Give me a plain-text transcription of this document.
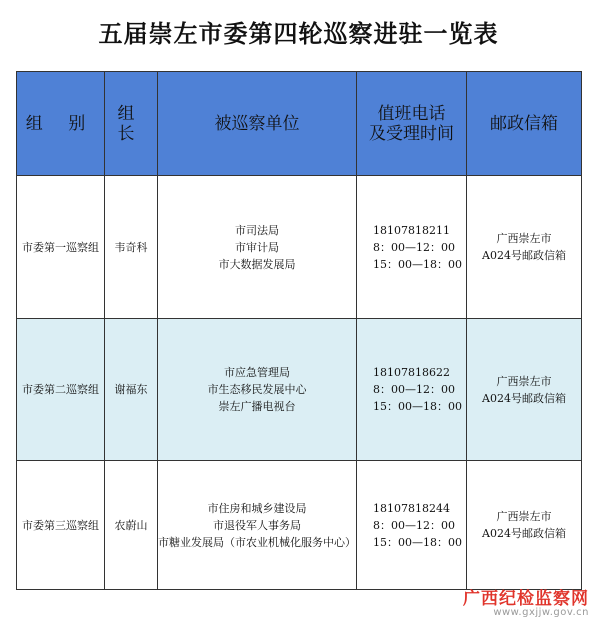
五届崇左市委第四轮巡察进驻一览表
组 别	组 长	被巡察单位	值班电话
及受理时间	邮政信箱
市委第一巡察组	韦奇科	市司法局
市审计局
市大数据发展局	18107818211
8：00—12：00
15：00—18：00	广西崇左市
A024号邮政信箱

市委第二巡察组	谢福东	市应急管理局
市生态移民发展中心
崇左广播电视台	18107818622
8：00—12：00
15：00—18：00	广西崇左市
A024号邮政信箱

市委第三巡察组	农蔚山	市住房和城乡建设局
市退役军人事务局
市糖业发展局（市农业机械化服务中心）	18107818244
8：00—12：00
15：00—18：00	广西崇左市
A024号邮政信箱
广西纪检监察网
www.gxjjw.gov.cn
